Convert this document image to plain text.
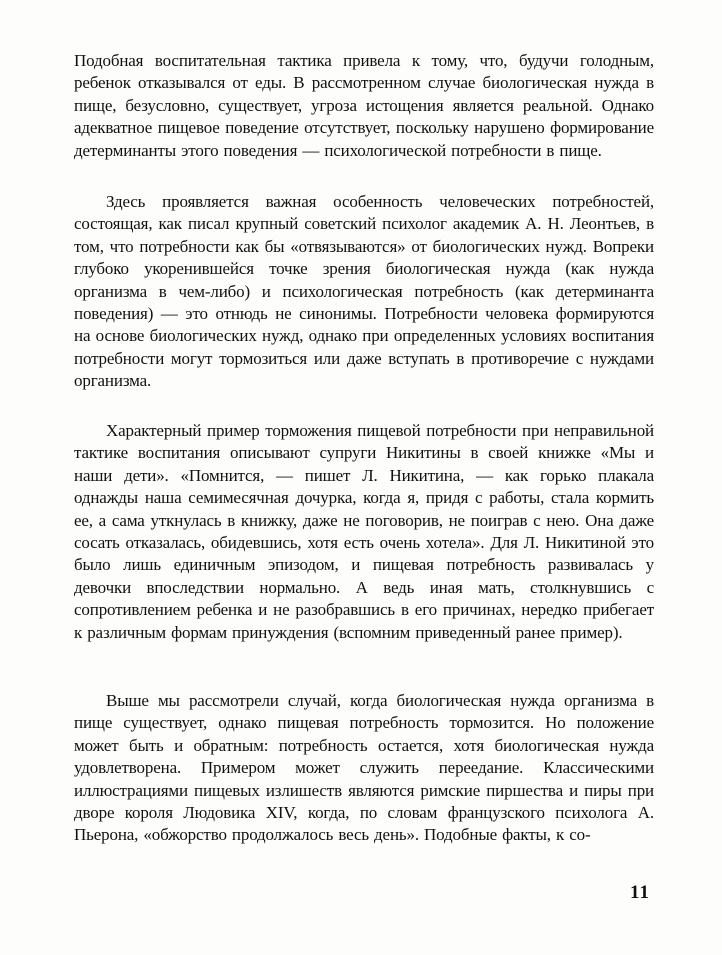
Подобная воспитательная тактика привела к тому, что, будучи голодным, ребенок отказывался от еды. В рассмотренном случае биологическая нужда в пище, безусловно, существует, угроза истощения является реальной. Однако адекватное пищевое поведение отсутствует, поскольку нарушено формирование детерминанты этого поведения — психологической потребности в пище.

Здесь проявляется важная особенность человеческих потребностей, состоящая, как писал крупный советский психолог академик А. Н. Леонтьев, в том, что потребности как бы «отвязываются» от биологических нужд. Вопреки глубоко укоренившейся точке зрения биологическая нужда (как нужда организма в чем-либо) и психологическая потребность (как детерминанта поведения) — это отнюдь не синонимы. Потребности человека формируются на основе биологических нужд, однако при определенных условиях воспитания потребности могут тормозиться или даже вступать в противоречие с нуждами организма.

Характерный пример торможения пищевой потребности при неправильной тактике воспитания описывают супруги Никитины в своей книжке «Мы и наши дети». «Помнится, — пишет Л. Никитина, — как горько плакала однажды наша семимесячная дочурка, когда я, придя с работы, стала кормить ее, а сама уткнулась в книжку, даже не поговорив, не поиграв с нею. Она даже сосать отказалась, обидевшись, хотя есть очень хотела». Для Л. Никитиной это было лишь единичным эпизодом, и пищевая потребность развивалась у девочки впоследствии нормально. А ведь иная мать, столкнувшись с сопротивлением ребенка и не разобравшись в его причинах, нередко прибегает к различным формам принуждения (вспомним приведенный ранее пример).

Выше мы рассмотрели случай, когда биологическая нужда организма в пище существует, однако пищевая потребность тормозится. Но положение может быть и обратным: потребность остается, хотя биологическая нужда удовлетворена. Примером может служить переедание. Классическими иллюстрациями пищевых излишеств являются римские пиршества и пиры при дворе короля Людовика XIV, когда, по словам французского психолога А. Пьерона, «обжорство продолжалось весь день». Подобные факты, к со-

11
